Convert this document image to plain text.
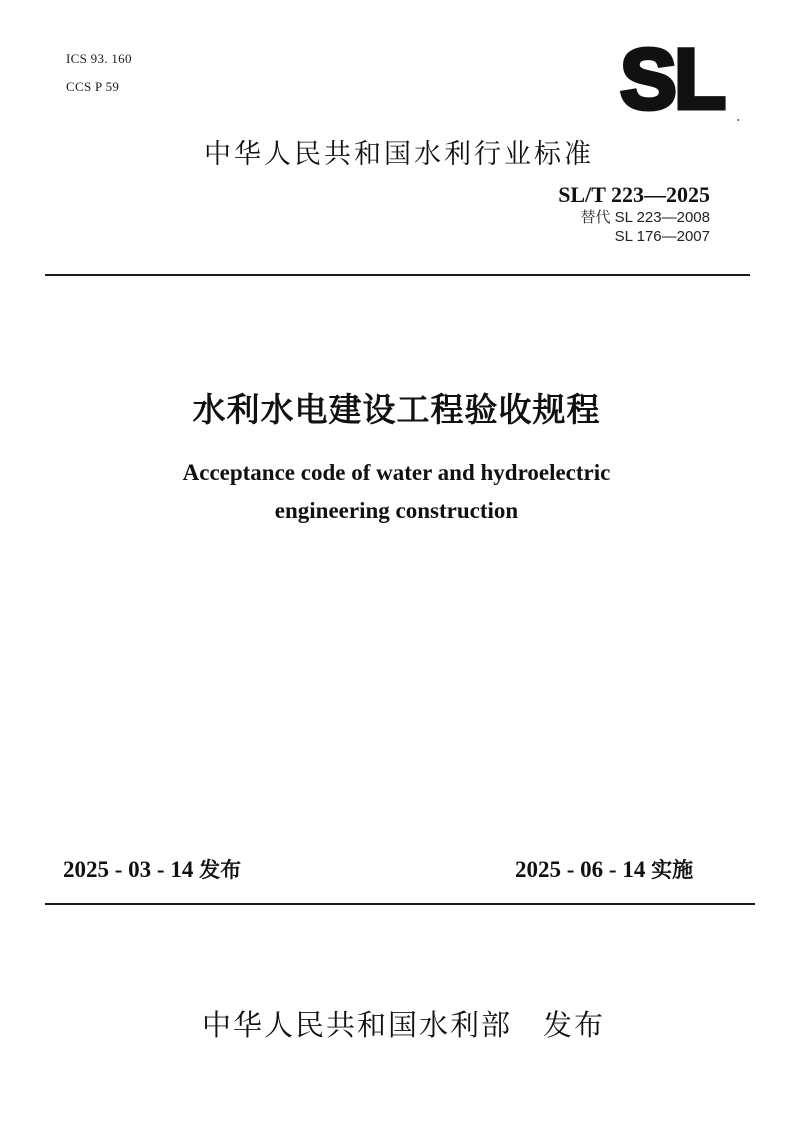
ICS 93. 160
CCS P 59	SL
中华人民共和国水利行业标准
SL/T 223—2025
替代 SL 223—2008
SL 176—2007
水利水电建设工程验收规程
Acceptance code of water and hydroelectric
engineering construction
2025 - 03 - 14 发布	2025 - 06 - 14 实施
中华人民共和国水利部　发布
